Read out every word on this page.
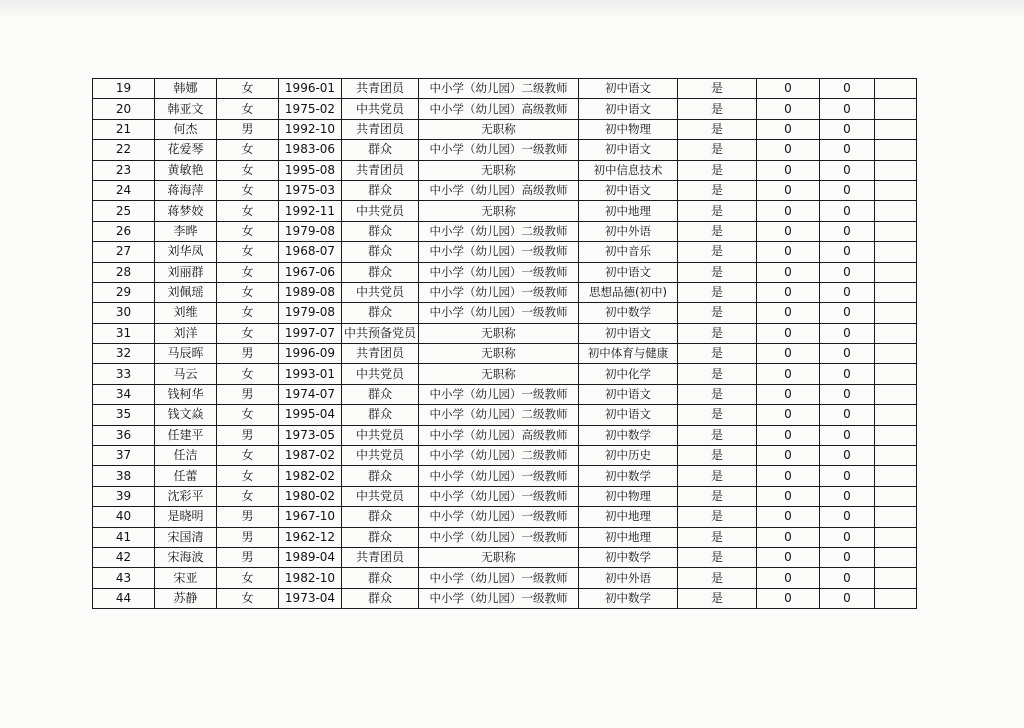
19	韩娜	女	1996-01	共青团员	中小学（幼儿园）二级教师	初中语文	是	0	0	
20	韩亚文	女	1975-02	中共党员	中小学（幼儿园）高级教师	初中语文	是	0	0	
21	何杰	男	1992-10	共青团员	无职称	初中物理	是	0	0	
22	花爱琴	女	1983-06	群众	中小学（幼儿园）一级教师	初中语文	是	0	0	
23	黄敏艳	女	1995-08	共青团员	无职称	初中信息技术	是	0	0	
24	蒋海萍	女	1975-03	群众	中小学（幼儿园）高级教师	初中语文	是	0	0	
25	蒋梦姣	女	1992-11	中共党员	无职称	初中地理	是	0	0	
26	李晔	女	1979-08	群众	中小学（幼儿园）二级教师	初中外语	是	0	0	
27	刘华凤	女	1968-07	群众	中小学（幼儿园）一级教师	初中音乐	是	0	0	
28	刘丽群	女	1967-06	群众	中小学（幼儿园）一级教师	初中语文	是	0	0	
29	刘佩瑶	女	1989-08	中共党员	中小学（幼儿园）一级教师	思想品德(初中)	是	0	0	
30	刘维	女	1979-08	群众	中小学（幼儿园）一级教师	初中数学	是	0	0	
31	刘洋	女	1997-07	中共预备党员	无职称	初中语文	是	0	0	
32	马辰晖	男	1996-09	共青团员	无职称	初中体育与健康	是	0	0	
33	马云	女	1993-01	中共党员	无职称	初中化学	是	0	0	
34	钱柯华	男	1974-07	群众	中小学（幼儿园）一级教师	初中语文	是	0	0	
35	钱文焱	女	1995-04	群众	中小学（幼儿园）二级教师	初中语文	是	0	0	
36	任建平	男	1973-05	中共党员	中小学（幼儿园）高级教师	初中数学	是	0	0	
37	任洁	女	1987-02	中共党员	中小学（幼儿园）二级教师	初中历史	是	0	0	
38	任蕾	女	1982-02	群众	中小学（幼儿园）一级教师	初中数学	是	0	0	
39	沈彩平	女	1980-02	中共党员	中小学（幼儿园）一级教师	初中物理	是	0	0	
40	是晓明	男	1967-10	群众	中小学（幼儿园）一级教师	初中地理	是	0	0	
41	宋国清	男	1962-12	群众	中小学（幼儿园）一级教师	初中地理	是	0	0	
42	宋海波	男	1989-04	共青团员	无职称	初中数学	是	0	0	
43	宋亚	女	1982-10	群众	中小学（幼儿园）一级教师	初中外语	是	0	0	
44	苏静	女	1973-04	群众	中小学（幼儿园）一级教师	初中数学	是	0	0	
